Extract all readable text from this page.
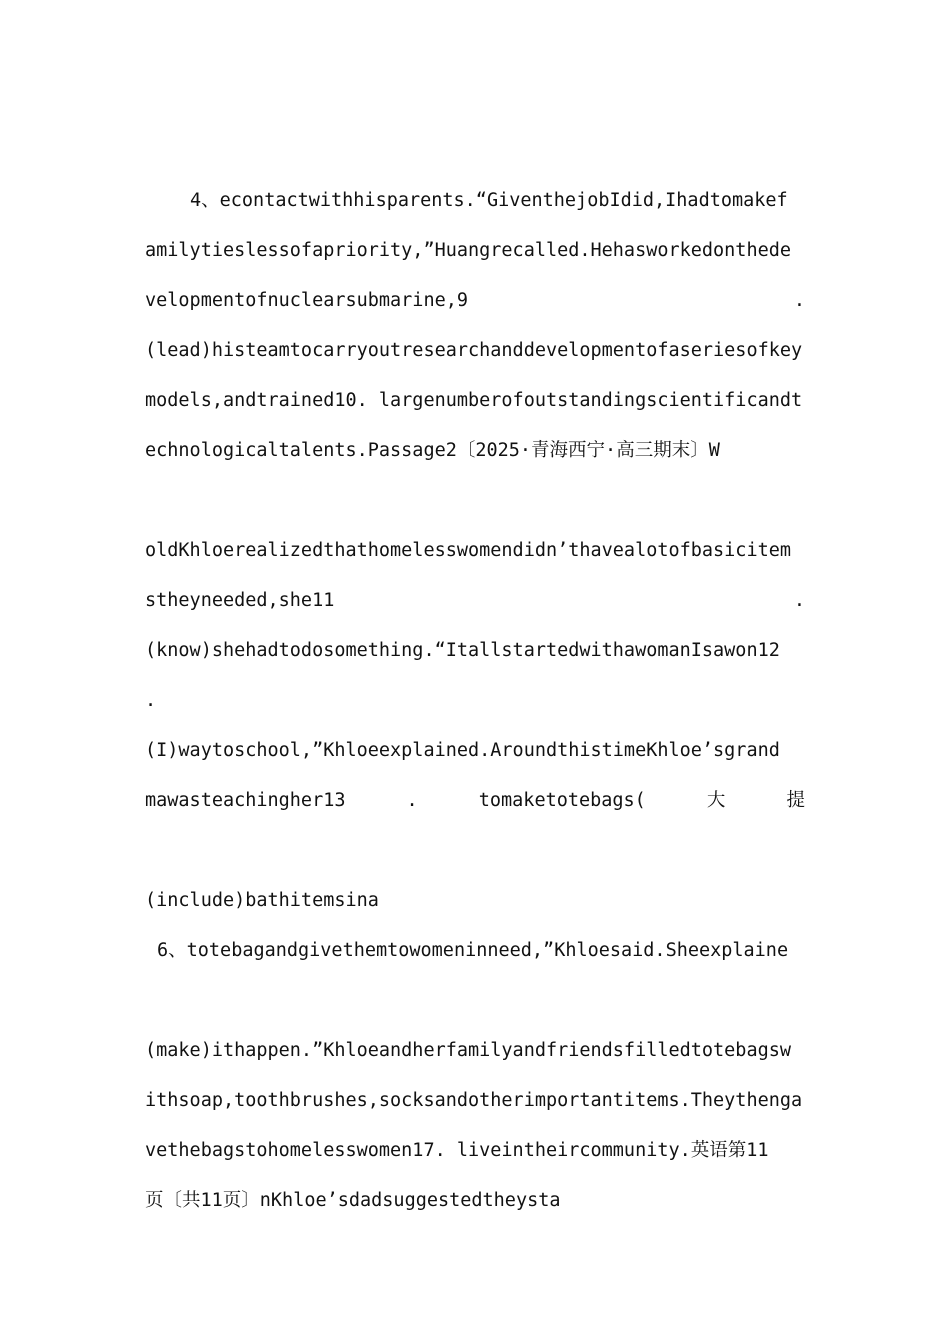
4、econtactwithhisparents.“GiventhejobIdid,Ihadtomakef
amilytieslessofapriority,”Huangrecalled.Hehasworkedonthede
velopmentofnuclearsubmarine,9	.
(lead)histeamtocarryoutresearchanddevelopmentofaseriesofkey
models,andtrained10. largenumberofoutstandingscientificandt
echnologicaltalents.Passage2〔2025·青海西宁·高三期末〕W

oldKhloerealizedthathomelesswomendidn’thavealotofbasicitem
stheyneeded,she11	.
(know)shehadtodosomething.“ItallstartedwithawomanIsawon12
.
(I)waytoschool,”Khloeexplained.AroundthistimeKhloe’sgrand
mawasteachingher13	.	tomaketotebags(	大	提

(include)bathitemsina
6、totebagandgivethemtowomeninneed,”Khloesaid.Sheexplaine

(make)ithappen.”Khloeandherfamilyandfriendsfilledtotebagsw
ithsoap,toothbrushes,socksandotherimportantitems.Theythenga
vethebagstohomelesswomen17. liveintheircommunity.英语第11
页〔共11页〕nKhloe’sdadsuggestedtheysta
